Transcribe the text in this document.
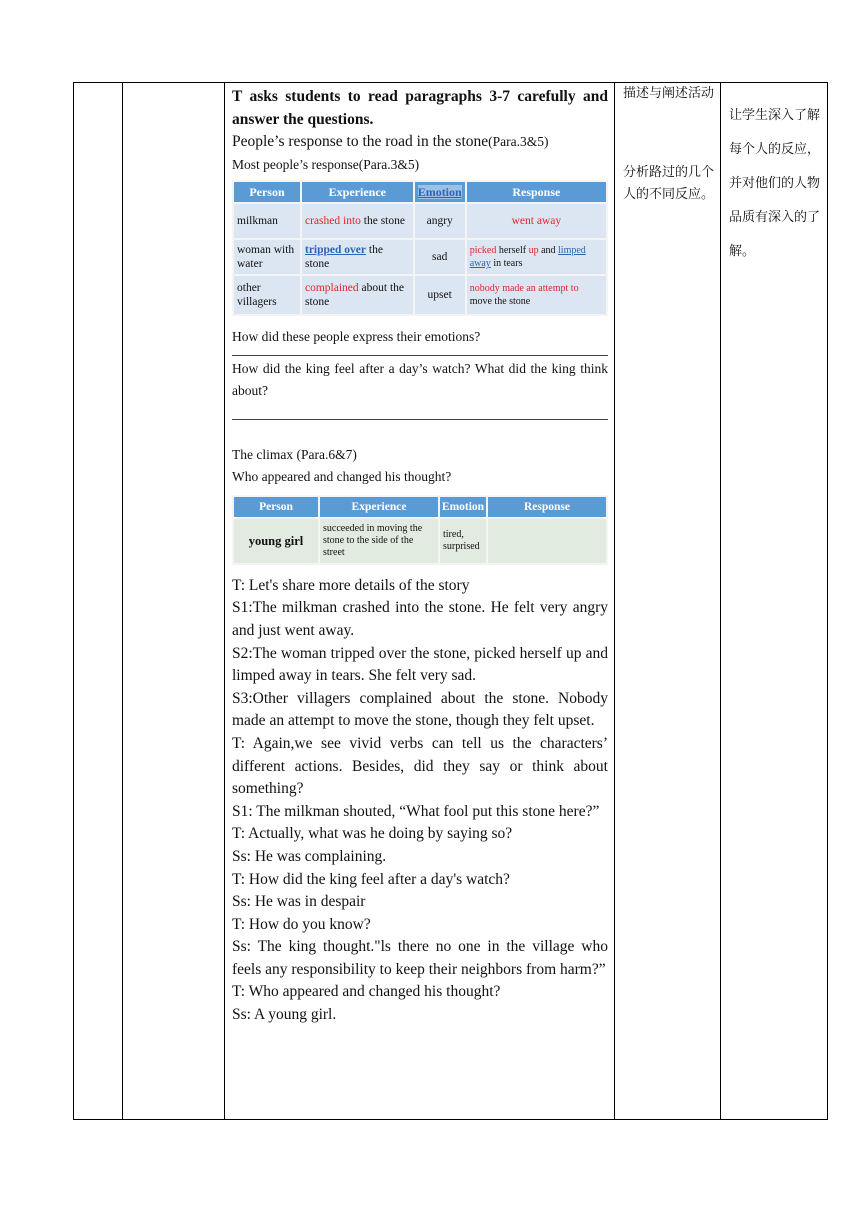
T asks students to read paragraphs 3-7 carefully and answer the questions.
People’s response to the road in the stone(Para.3&5)
Most people’s response(Para.3&5)
Person	Experience	Emotion	Response
milkman	crashed into the stone	angry	went away
woman with water	tripped over the stone	sad	picked herself up and limped away in tears
other villagers	complained about the stone	upset	nobody made an attempt to move the stone
How did these people express their emotions?
How did the king feel after a day’s watch? What did the king think about?
The climax (Para.6&7)
Who appeared and changed his thought?
Person	Experience	Emotion	Response
young girl	succeeded in moving the stone to the side of the street	tired, surprised	
T: Let's share more details of the story
S1:The milkman crashed into the stone. He felt very angry and just went away.
S2:The woman tripped over the stone, picked herself up and limped away in tears. She felt very sad.
S3:Other villagers complained about the stone. Nobody made an attempt to move the stone, though they felt upset.
T: Again,we see vivid verbs can tell us the characters’ different actions. Besides, did they say or think about something?
S1: The milkman shouted, “What fool put this stone here?”
T: Actually, what was he doing by saying so?
Ss: He was complaining.
T: How did the king feel after a day's watch?
Ss: He was in despair
T: How do you know?
Ss: The king thought."ls there no one in the village who feels any responsibility to keep their neighbors from harm?”
T: Who appeared and changed his thought?
Ss: A young girl.

描述与阐述活动
分析路过的几个人的不同反应。

让学生深入了解每个人的反应，并对他们的人物品质有深入的了解。
